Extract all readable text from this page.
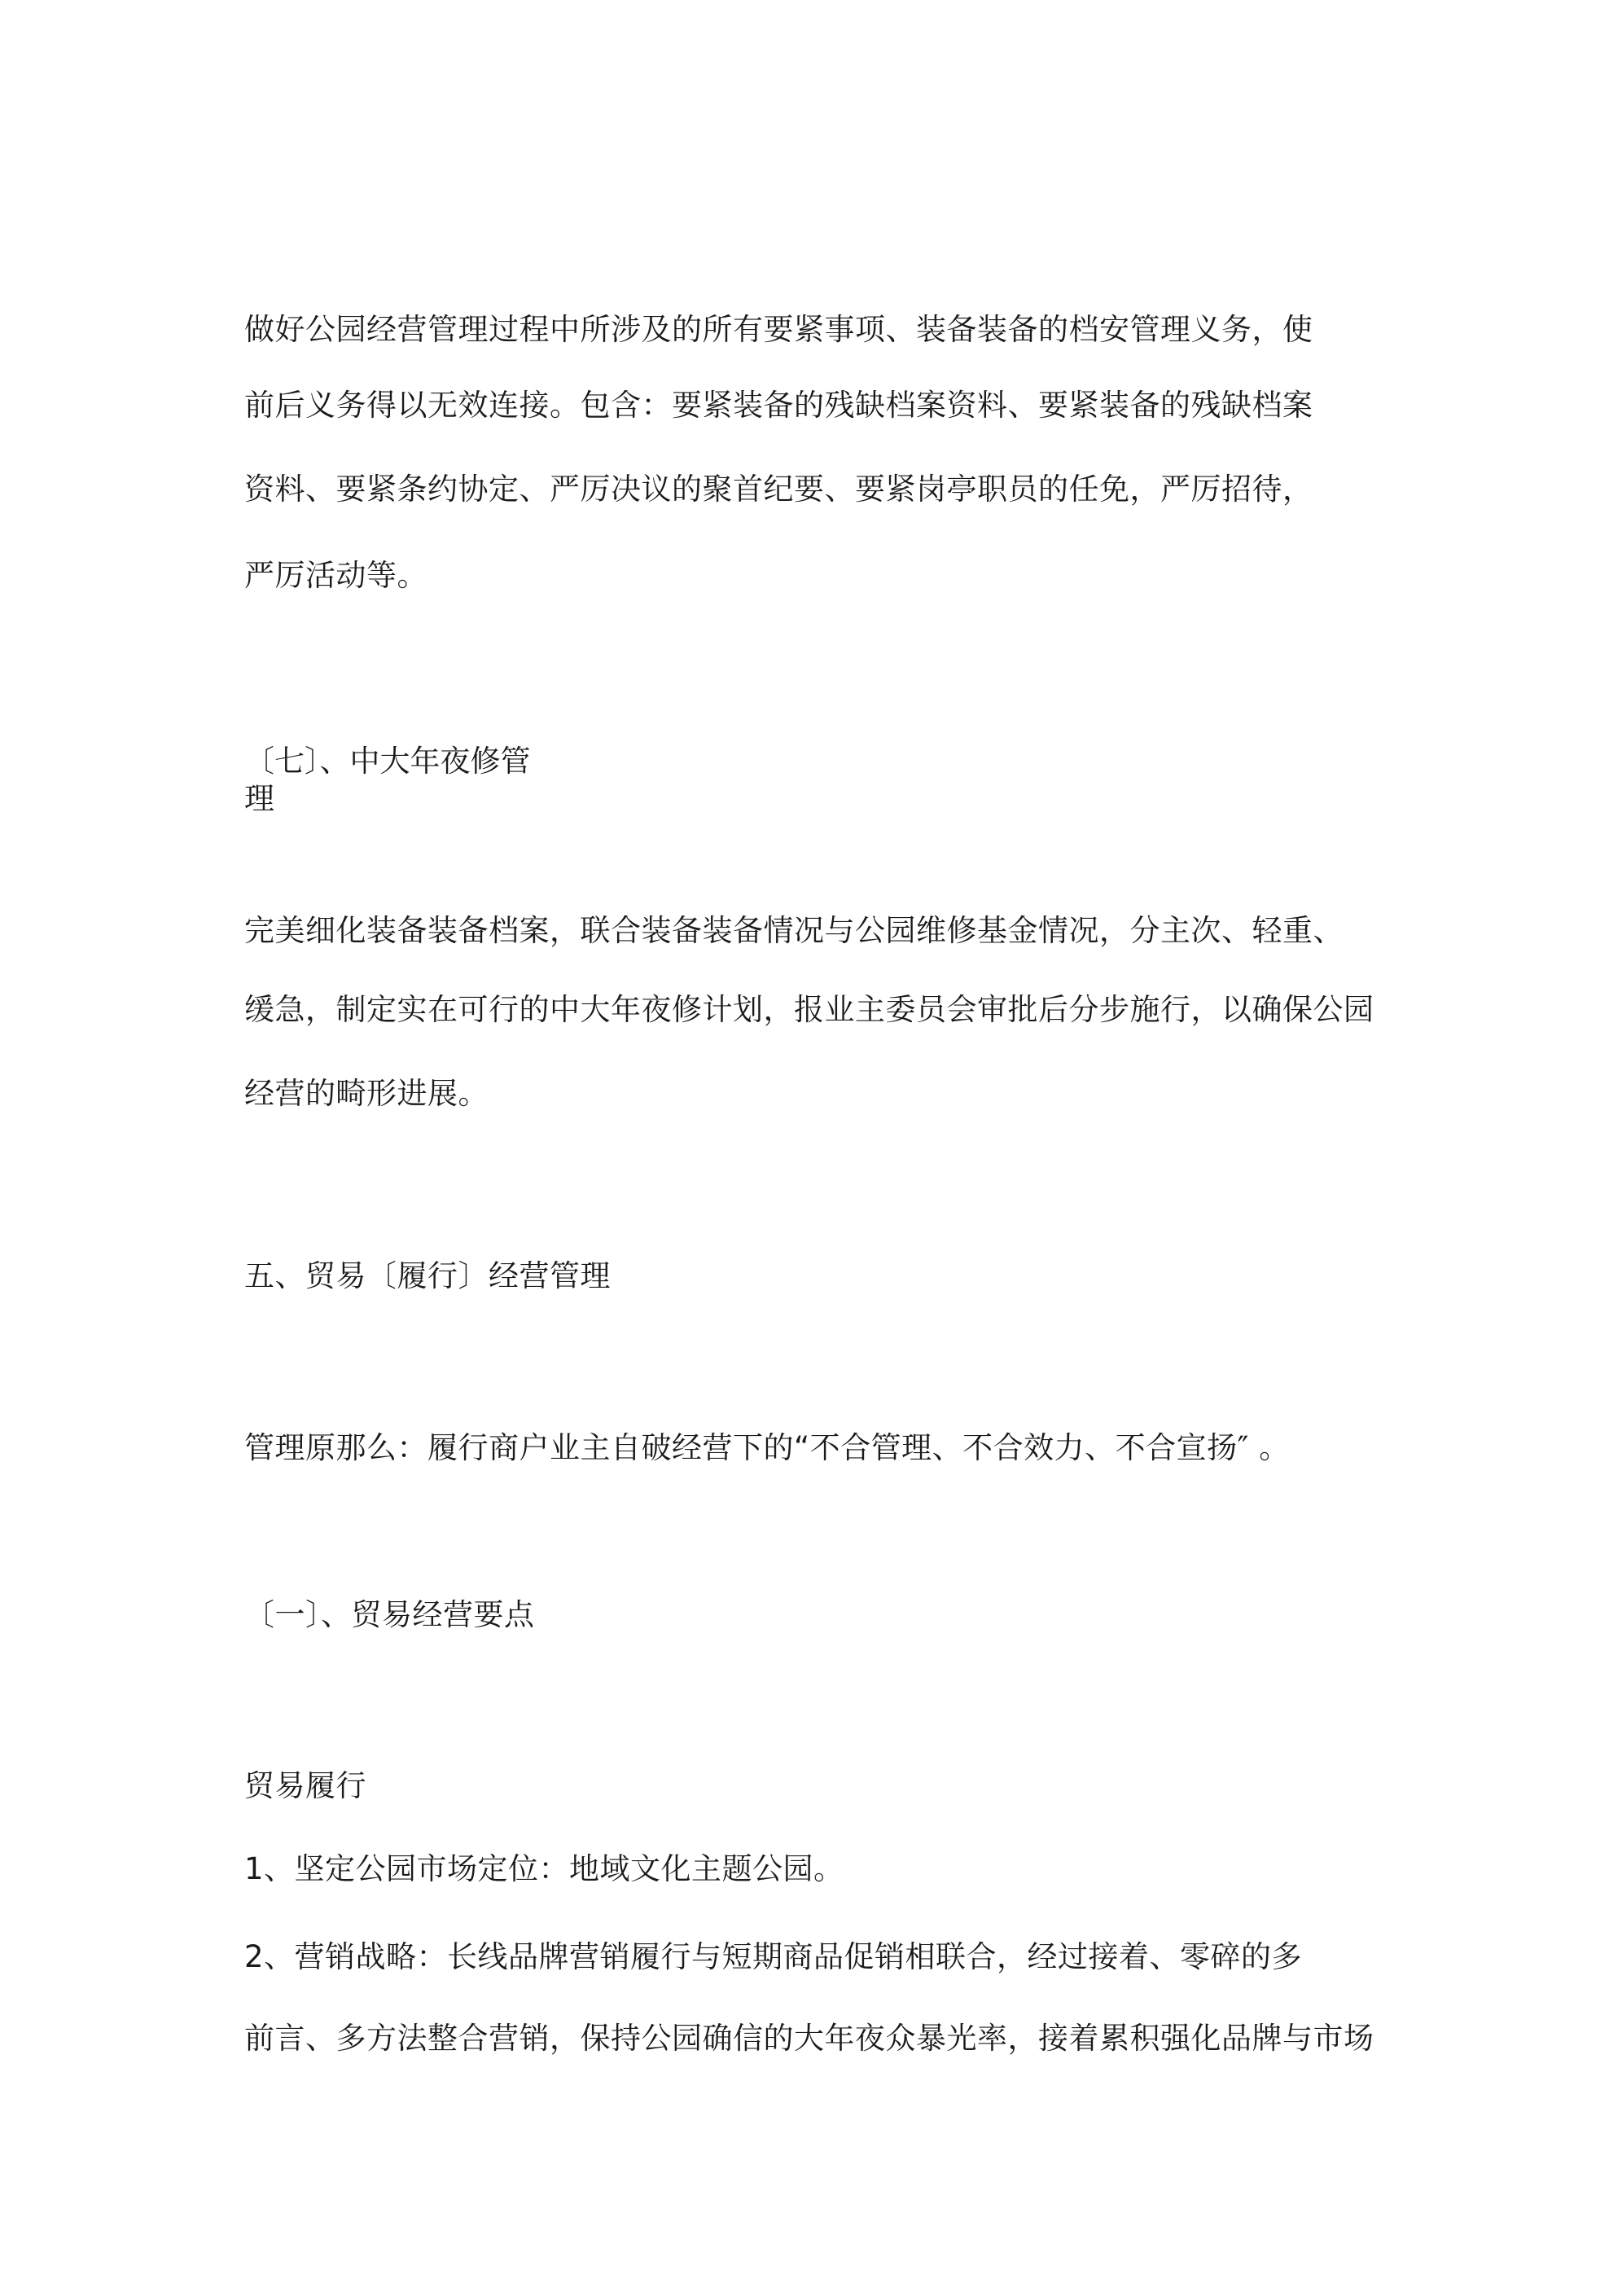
做好公园经营管理过程中所涉及的所有要紧事项、装备装备的档安管理义务，使
前后义务得以无效连接。包含：要紧装备的残缺档案资料、要紧装备的残缺档案
资料、要紧条约协定、严厉决议的聚首纪要、要紧岗亭职员的任免，严厉招待，
严厉活动等。
〔七〕、中大年夜修管理
完美细化装备装备档案，联合装备装备情况与公园维修基金情况，分主次、轻重、
缓急，制定实在可行的中大年夜修计划，报业主委员会审批后分步施行，以确保公园
经营的畸形进展。
五、贸易〔履行〕经营管理
管理原那么：履行商户业主自破经营下的“不合管理、不合效力、不合宣扬″ 。
〔一〕、贸易经营要点
贸易履行
1、坚定公园市场定位：地域文化主题公园。
2、营销战略：长线品牌营销履行与短期商品促销相联合，经过接着、零碎的多
前言、多方法整合营销，保持公园确信的大年夜众暴光率，接着累积强化品牌与市场
